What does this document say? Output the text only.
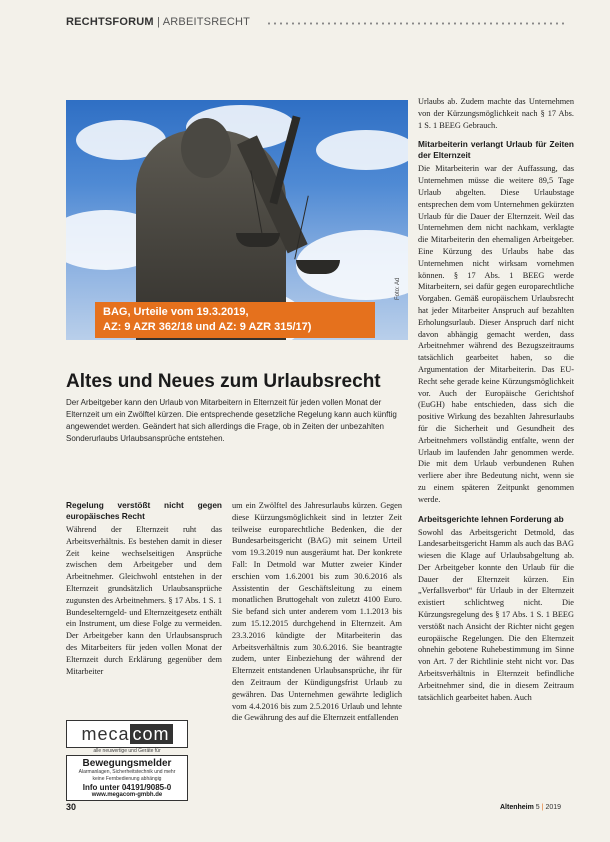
RECHTSFORUM | ARBEITSRECHT
Foto: Ad
BAG, Urteile vom 19.3.2019,
AZ: 9 AZR 362/18 und AZ: 9 AZR 315/17)
Altes und Neues zum Urlaubsrecht
Der Arbeitgeber kann den Urlaub von Mitarbeitern in Elternzeit für jeden vollen Monat der Elternzeit um ein Zwölftel kürzen. Die entsprechende gesetzliche Regelung kann auch künftig angewendet werden. Geändert hat sich allerdings die Frage, ob in Zeiten der unbezahlten Sonderurlaubs Urlaubsansprüche entstehen.
Regelung verstößt nicht gegen europäisches Recht

Während der Elternzeit ruht das Arbeitsverhältnis. Es bestehen damit in dieser Zeit keine wechselseitigen Ansprüche zwischen dem Arbeitgeber und dem Arbeitnehmer. Gleichwohl entstehen in der Elternzeit grundsätzlich Urlaubsansprüche zugunsten des Arbeitnehmers. § 17 Abs. 1 S. 1 Bundeselterngeld- und Elternzeitgesetz enthält ein Instrument, um diese Folge zu vermeiden. Der Arbeitgeber kann den Urlaubsanspruch des Mitarbeiters für jeden vollen Monat der Elternzeit durch Erklärung gegenüber dem Mitarbeiter

um ein Zwölftel des Jahresurlaubs kürzen. Gegen diese Kürzungsmöglichkeit sind in letzter Zeit teilweise europarechtliche Bedenken, die der Bundesarbeitsgericht (BAG) mit seinem Urteil vom 19.3.2019 nun ausgeräumt hat. Der konkrete Fall: In Detmold war Mutter zweier Kinder erschien vom 1.6.2001 bis zum 30.6.2016 als Assistentin der Geschäftsleitung zu einem monatlichen Bruttogehalt von zuletzt 4100 Euro. Sie befand sich unter anderem vom 1.1.2013 bis zum 15.12.2015 durchgehend in Elternzeit. Am 23.3.2016 kündigte der Mitarbeiterin das Arbeitsverhältnis zum 30.6.2016. Sie beantragte zudem, unter Einbeziehung der während der Elternzeit entstandenen Urlaubsansprüche, ihr für den Zeitraum der Kündigungsfrist Urlaub zu gewähren. Das Unternehmen gewährte lediglich vom 4.4.2016 bis zum 2.5.2016 Urlaub und lehnte die Gewährung des auf die Elternzeit entfallenden

Urlaubs ab. Zudem machte das Unternehmen von der Kürzungsmöglichkeit nach § 17 Abs. 1 S. 1 BEEG Gebrauch.

Mitarbeiterin verlangt Urlaub für Zeiten der Elternzeit

Die Mitarbeiterin war der Auffassung, das Unternehmen müsse die weitere 89,5 Tage Urlaub abgelten. Diese Urlaubstage entsprechen dem vom Unternehmen gekürzten Urlaub für die Dauer der Elternzeit. Weil das Unternehmen dem nicht nachkam, verklagte die Mitarbeiterin den ehemaligen Arbeitgeber. Eine Kürzung des Urlaubs habe das Unternehmen nicht wirksam vornehmen können. § 17 Abs. 1 BEEG werde Mitarbeitern, sei dafür gegen europarechtliche Vorgaben. Gemäß europäischem Urlaubsrecht hat jeder Mitarbeiter Anspruch auf bezahlten Erholungsurlaub. Dieser Anspruch darf nicht davon abhängig gemacht werden, dass Arbeitnehmer während des Bezugszeitraums tatsächlich gearbeitet haben, so die Argumentation der Mitarbeiterin. Das EU-Recht sehe gerade keine Kürzungsmöglichkeit vor. Auch der Europäische Gerichtshof (EuGH) habe entschieden, dass sich die positive Wirkung des bezahlten Jahresurlaubs für die Sicherheit und Gesundheit des Arbeitnehmers vollständig entfalte, wenn der Urlaub im laufenden Jahr genommen werde. Die mit dem Urlaub verbundenen Ruhen verliere aber ihre Bedeutung nicht, wenn sie zu einem späteren Zeitpunkt genommen werde.

Arbeitsgerichte lehnen Forderung ab

Sowohl das Arbeitsgericht Detmold, das Landesarbeitsgericht Hamm als auch das BAG wiesen die Klage auf Urlaubsabgeltung ab. Der Arbeitgeber konnte den Urlaub für die Dauer der Elternzeit kürzen. Ein „Verfallsverbot“ für Urlaub in der Elternzeit existiert schlichtweg nicht. Die Kürzungsregelung des § 17 Abs. 1 S. 1 BEEG verstößt nach Ansicht der Richter nicht gegen europäische Regelungen. Die den Elternzeit ohnehin gebotene Ruhebestimmung im Sinne von Art. 7 der Richtlinie steht nicht vor. Das Arbeitsverhältnis in Elternzeit befindliche Arbeitnehmer sind, die in diesem Zeitraum tatsächlich gearbeitet haben. Auch

meca com
alle neuwertige und Geräte für
Bewegungsmelder
Alarmanlagen, Sicherheitstechnik und mehr
keine Fernbedienung abhängig
Info unter 04191/9085-0
www.megacom-gmbh.de
30	Altenheim 5 | 2019
